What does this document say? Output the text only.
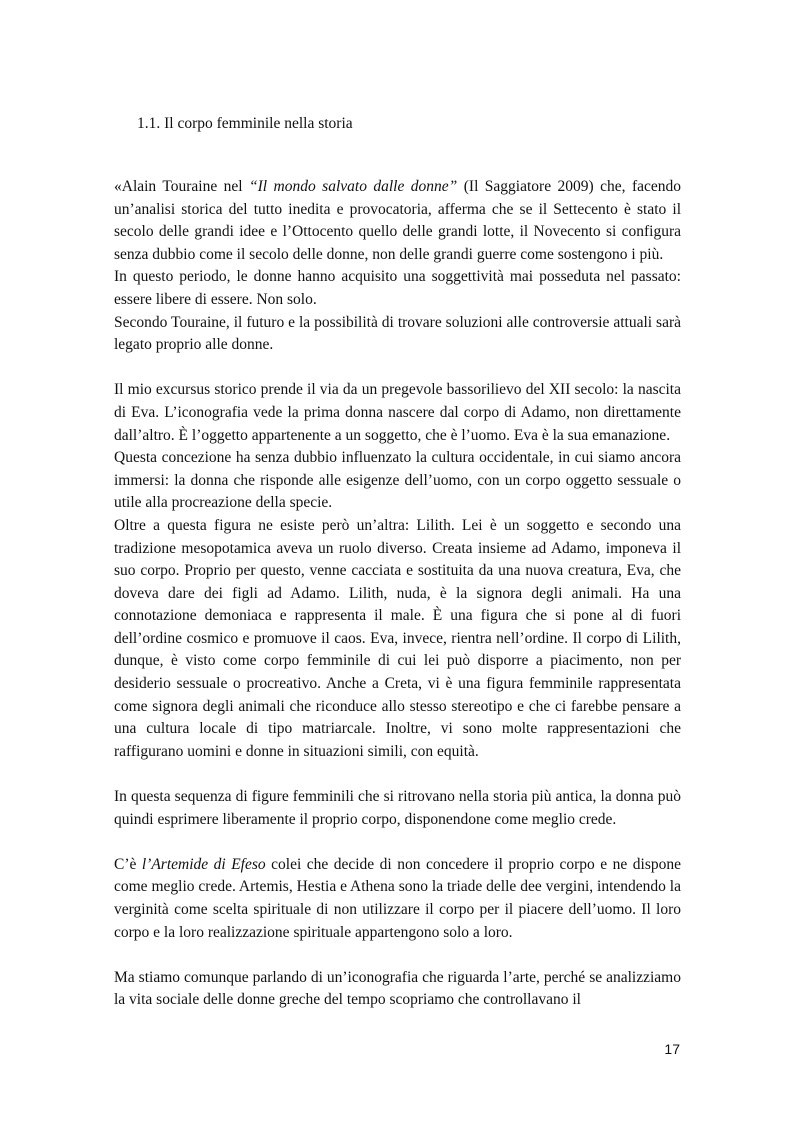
1.1. Il corpo femminile nella storia

«Alain Touraine nel “Il mondo salvato dalle donne” (Il Saggiatore 2009) che, facendo un’analisi storica del tutto inedita e provocatoria, afferma che se il Settecento è stato il secolo delle grandi idee e l’Ottocento quello delle grandi lotte, il Novecento si configura senza dubbio come il secolo delle donne, non delle grandi guerre come sostengono i più.

In questo periodo, le donne hanno acquisito una soggettività mai posseduta nel passato: essere libere di essere. Non solo.

Secondo Touraine, il futuro e la possibilità di trovare soluzioni alle controversie attuali sarà legato proprio alle donne.

Il mio excursus storico prende il via da un pregevole bassorilievo del XII secolo: la nascita di Eva. L’iconografia vede la prima donna nascere dal corpo di Adamo, non direttamente dall’altro. È l’oggetto appartenente a un soggetto, che è l’uomo. Eva è la sua emanazione.

Questa concezione ha senza dubbio influenzato la cultura occidentale, in cui siamo ancora immersi: la donna che risponde alle esigenze dell’uomo, con un corpo oggetto sessuale o utile alla procreazione della specie.

Oltre a questa figura ne esiste però un’altra: Lilith. Lei è un soggetto e secondo una tradizione mesopotamica aveva un ruolo diverso. Creata insieme ad Adamo, imponeva il suo corpo. Proprio per questo, venne cacciata e sostituita da una nuova creatura, Eva, che doveva dare dei figli ad Adamo. Lilith, nuda, è la signora degli animali. Ha una connotazione demoniaca e rappresenta il male. È una figura che si pone al di fuori dell’ordine cosmico e promuove il caos. Eva, invece, rientra nell’ordine. Il corpo di Lilith, dunque, è visto come corpo femminile di cui lei può disporre a piacimento, non per desiderio sessuale o procreativo. Anche a Creta, vi è una figura femminile rappresentata come signora degli animali che riconduce allo stesso stereotipo e che ci farebbe pensare a una cultura locale di tipo matriarcale. Inoltre, vi sono molte rappresentazioni che raffigurano uomini e donne in situazioni simili, con equità.

In questa sequenza di figure femminili che si ritrovano nella storia più antica, la donna può quindi esprimere liberamente il proprio corpo, disponendone come meglio crede.

C’è l’Artemide di Efeso colei che decide di non concedere il proprio corpo e ne dispone come meglio crede. Artemis, Hestia e Athena sono la triade delle dee vergini, intendendo la verginità come scelta spirituale di non utilizzare il corpo per il piacere dell’uomo. Il loro corpo e la loro realizzazione spirituale appartengono solo a loro.

Ma stiamo comunque parlando di un’iconografia che riguarda l’arte, perché se analizziamo la vita sociale delle donne greche del tempo scopriamo che controllavano il

17
